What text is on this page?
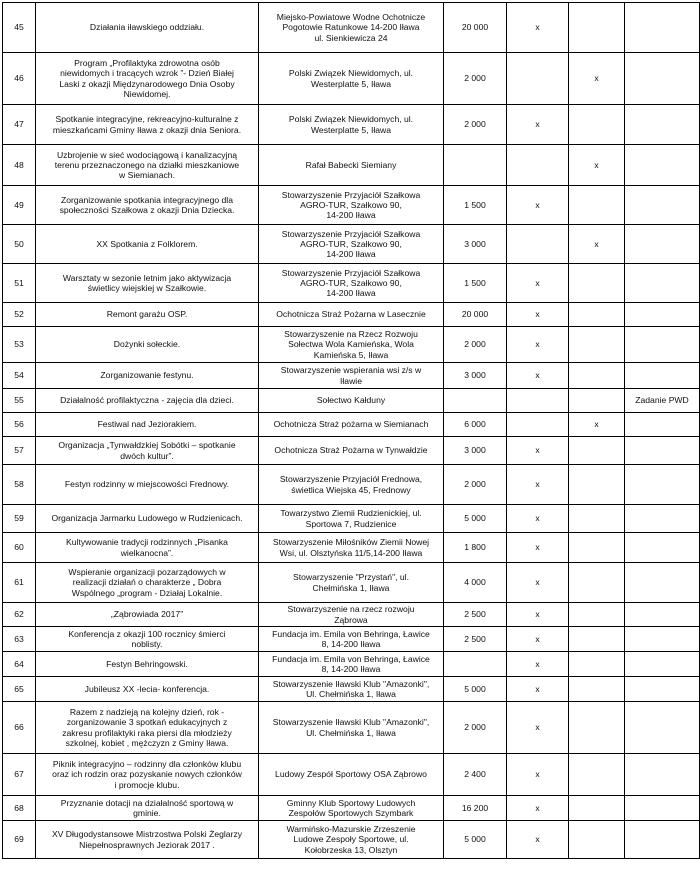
45	Działania iławskiego oddziału.	Miejsko-Powiatowe Wodne Ochotnicze
Pogotowie Ratunkowe 14-200 Iława
ul. Sienkiewicza 24	20 000	x		
46	Program „Profilaktyka zdrowotna osób
niewidomych i tracących wzrok ”- Dzień Białej
Laski z okazji Międzynarodowego Dnia Osoby
Niewidomej.	Polski Związek Niewidomych, ul.
Westerplatte 5, Iława	2 000		x	
47	Spotkanie integracyjne, rekreacyjno-kulturalne z
mieszkańcami Gminy Iława z okazji dnia Seniora.	Polski Związek Niewidomych, ul.
Westerplatte 5, Iława	2 000	x		
48	Uzbrojenie w sieć wodociągową i kanalizacyjną
terenu przeznaczonego na działki mieszkaniowe
w Siemianach.	Rafał Babecki Siemiany			x	
49	Zorganizowanie spotkania integracyjnego dla
społeczności Szałkowa z okazji Dnia Dziecka.	Stowarzyszenie Przyjaciół Szałkowa
AGRO-TUR, Szałkowo 90,
14-200 Iława	1 500	x		
50	XX Spotkania z Folklorem.	Stowarzyszenie Przyjaciół Szałkowa
AGRO-TUR, Szałkowo 90,
14-200 Iława	3 000		x	
51	Warsztaty w sezonie letnim jako aktywizacja
świetlicy wiejskiej w Szałkowie.	Stowarzyszenie Przyjaciół Szałkowa
AGRO-TUR, Szałkowo 90,
14-200 Iława	1 500	x		
52	Remont garażu OSP.	Ochotnicza Straż Pożarna w Lasecznie	20 000	x		
53	Dożynki sołeckie.	Stowarzyszenie na Rzecz Rozwoju
Sołectwa Wola Kamieńska, Wola
Kamieńska 5, Iława	2 000	x		
54	Zorganizowanie festynu.	Stowarzyszenie wspierania wsi z/s w
Iławie	3 000	x		
55	Działalność profilaktyczna - zajęcia dla dzieci.	Sołectwo Kałduny				Zadanie PWD
56	Festiwal nad Jeziorakiem.	Ochotnicza Straż pożarna w Siemianach	6 000		x	
57	Organizacja „Tynwałdzkiej Sobótki – spotkanie
dwóch kultur”.	Ochotnicza Straż Pożarna w Tynwałdzie	3 000	x		
58	Festyn rodzinny w miejscowości Frednowy.	Stowarzyszenie Przyjaciół Frednowa,
świetlica Wiejska 45, Frednowy	2 000	x		
59	Organizacja Jarmarku Ludowego w Rudzienicach.	Towarzystwo Ziemii Rudzienickiej, ul.
Sportowa 7, Rudzienice	5 000	x		
60	Kultywowanie tradycji rodzinnych „Pisanka
wielkanocna”.	Stowarzyszenie Miłośników Ziemii Nowej
Wsi, ul. Olsztyńska 11/5,14-200 Iława	1 800	x		
61	Wspieranie organizacji pozarządowych w
realizacji działań o charakterze „ Dobra
Wspólnego „program - Działaj Lokalnie.	Stowarzyszenie "Przystań", ul.
Chełmińska 1, Iława	4 000	x		
62	„Ząbrowiada 2017”	Stowarzyszenie na rzecz rozwoju
Ząbrowa	2 500	x		
63	Konferencja z okazji 100 rocznicy śmierci
noblisty.	Fundacja im. Emila von Behringa, Ławice
8, 14-200 Iława	2 500	x		
64	Festyn Behringowski.	Fundacja im. Emila von Behringa, Ławice
8, 14-200 Iława		x		
65	Jubileusz XX -lecia- konferencja.	Stowarzyszenie Iławski Klub "Amazonki",
Ul. Chełmińska 1, Iława	5 000	x		
66	Razem z nadzieją na kolejny dzień, rok -
zorganizowanie 3 spotkań edukacyjnych z
zakresu profilaktyki raka piersi dla młodzieży
szkolnej, kobiet , mężczyzn z Gminy Iława.	Stowarzyszenie Iławski Klub "Amazonki",
Ul. Chełmińska 1, Iława	2 000	x		
67	Piknik integracyjno – rodzinny dla członków klubu
oraz ich rodzin oraz pozyskanie nowych członków
i promocje klubu.	Ludowy Zespół Sportowy OSA Ząbrowo	2 400	x		
68	Przyznanie dotacji na działalność sportową w
gminie.	Gminny Klub Sportowy Ludowych
Zespołów Sportowych Szymbark	16 200	x		
69	XV Długodystansowe Mistrzostwa Polski Żeglarzy
Niepełnosprawnych Jeziorak 2017 .	Warmińsko-Mazurskie Zrzeszenie
Ludowe Zespoły Sportowe, ul.
Kołobrzeska 13, Olsztyn	5 000	x		
